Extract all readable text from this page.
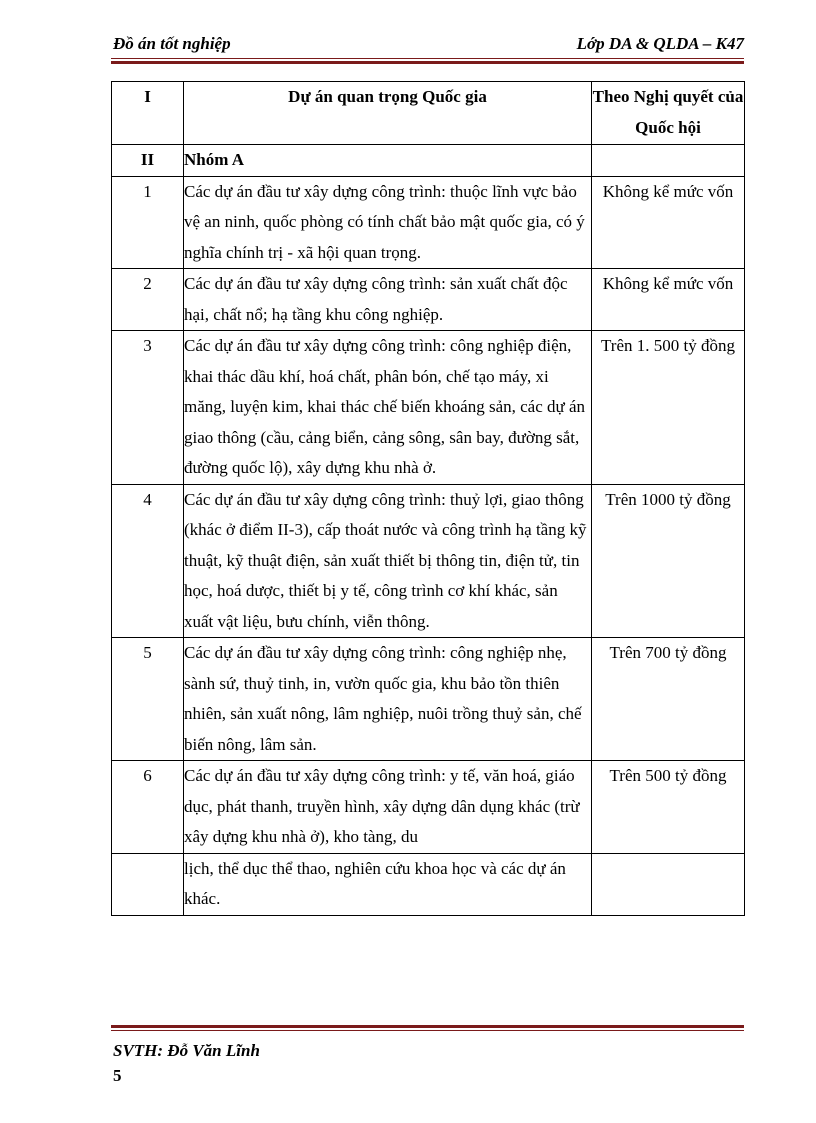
Đồ án tốt nghiệp	Lớp DA & QLDA – K47
I	Dự án quan trọng Quốc gia	Theo Nghị quyết của Quốc hội
II	Nhóm A	
1	Các dự án đầu tư xây dựng công trình: thuộc lĩnh vực bảo vệ an ninh, quốc phòng có tính chất bảo mật quốc gia, có ý nghĩa chính trị - xã hội quan trọng.	Không kể mức vốn
2	Các dự án đầu tư xây dựng công trình: sản xuất chất độc hại, chất nổ; hạ tầng khu công nghiệp.	Không kể mức vốn
3	Các dự án đầu tư xây dựng công trình: công nghiệp điện, khai thác dầu khí, hoá chất, phân bón, chế tạo máy, xi măng, luyện kim, khai thác chế biến khoáng sản, các dự án giao thông (cầu, cảng biển, cảng sông, sân bay, đường sắt, đường quốc lộ), xây dựng khu nhà ở.	Trên 1. 500 tỷ đồng
4	Các dự án đầu tư xây dựng công trình: thuỷ lợi, giao thông (khác ở điểm II-3), cấp thoát nước và công trình hạ tầng kỹ thuật, kỹ thuật điện, sản xuất thiết bị thông tin, điện tử, tin học, hoá dược, thiết bị y tế, công trình cơ khí khác, sản xuất vật liệu, bưu chính, viễn thông.	Trên 1000 tỷ đồng
5	Các dự án đầu tư xây dựng công trình: công nghiệp nhẹ, sành sứ, thuỷ tinh, in, vườn quốc gia, khu bảo tồn thiên nhiên, sản xuất nông, lâm nghiệp, nuôi trồng thuỷ sản, chế biến nông, lâm sản.	Trên 700 tỷ đồng
6	Các dự án đầu tư xây dựng công trình: y tế, văn hoá, giáo dục, phát thanh, truyền hình, xây dựng dân dụng khác (trừ xây dựng khu nhà ở), kho tàng, du	Trên 500 tỷ đồng
	lịch, thể dục thể thao, nghiên cứu khoa học và các dự án khác.	
SVTH: Đỗ Văn Lĩnh
5
